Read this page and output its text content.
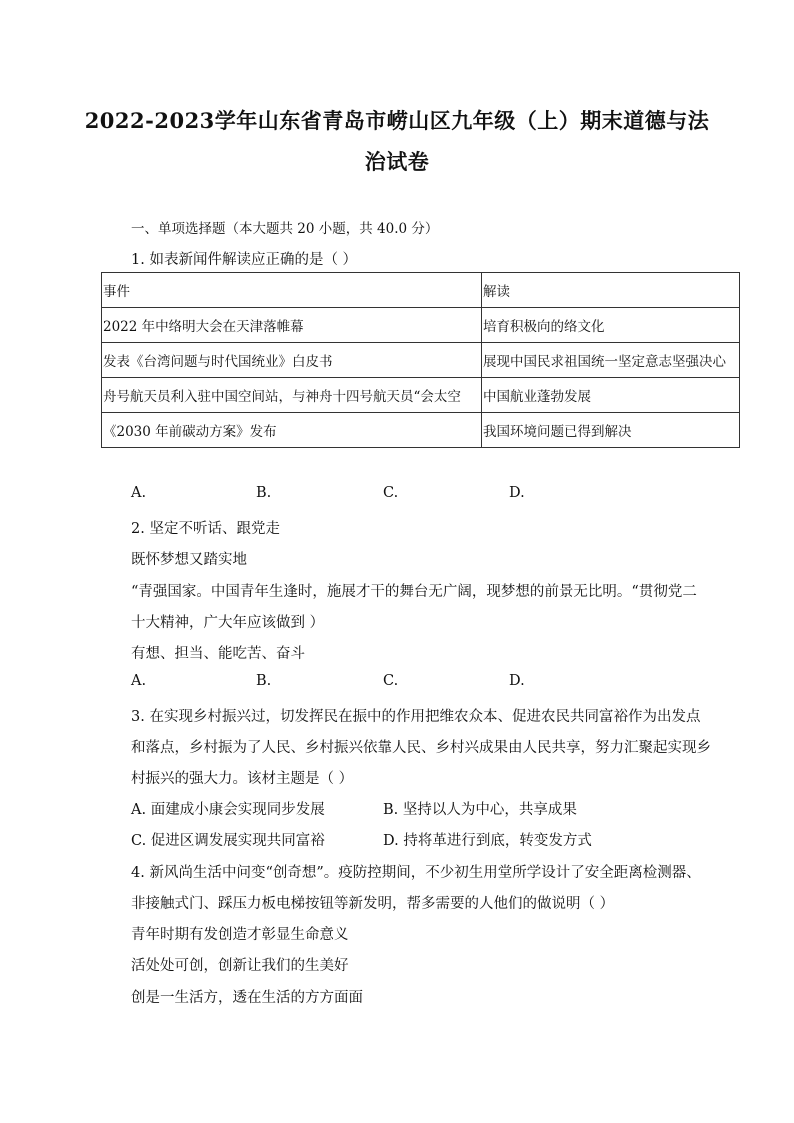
2022-2023学年山东省青岛市崂山区九年级（上）期末道德与法
治试卷
一、单项选择题（本大题共 20 小题，共 40.0 分）
1. 如表新闻件解读应正确的是（ ）
事件	解读
2022 年中络明大会在天津落帷幕	培育积极向的络文化
发表《台湾问题与时代国统业》白皮书	展现中国民求祖国统一坚定意志坚强决心
舟号航天员利入驻中国空间站，与神舟十四号航天员“会太空	中国航业蓬勃发展
《2030 年前碳动方案》发布	我国环境问题已得到解决
A.	B.	C.	D.
2. 坚定不听话、跟党走
既怀梦想又踏实地
“青强国家。中国青年生逢时，施展才干的舞台无广阔，现梦想的前景无比明。“贯彻党二
十大精神，广大年应该做到 ）
有想、担当、能吃苦、奋斗
A.	B.	C.	D.
3. 在实现乡村振兴过，切发挥民在振中的作用把维农众本、促进农民共同富裕作为出发点
和落点，乡村振为了人民、乡村振兴依靠人民、乡村兴成果由人民共享，努力汇聚起实现乡
村振兴的强大力。该材主题是（ ）
A. 面建成小康会实现同步发展	B. 坚持以人为中心，共享成果
C. 促进区调发展实现共同富裕	D. 持将革进行到底，转变发方式
4. 新风尚生活中问变“创奇想”。疫防控期间，不少初生用堂所学设计了安全距离检测器、
非接触式门、踩压力板电梯按钮等新发明，帮多需要的人他们的做说明（ ）
青年时期有发创造才彰显生命意义
活处处可创，创新让我们的生美好
创是一生活方，透在生活的方方面面
